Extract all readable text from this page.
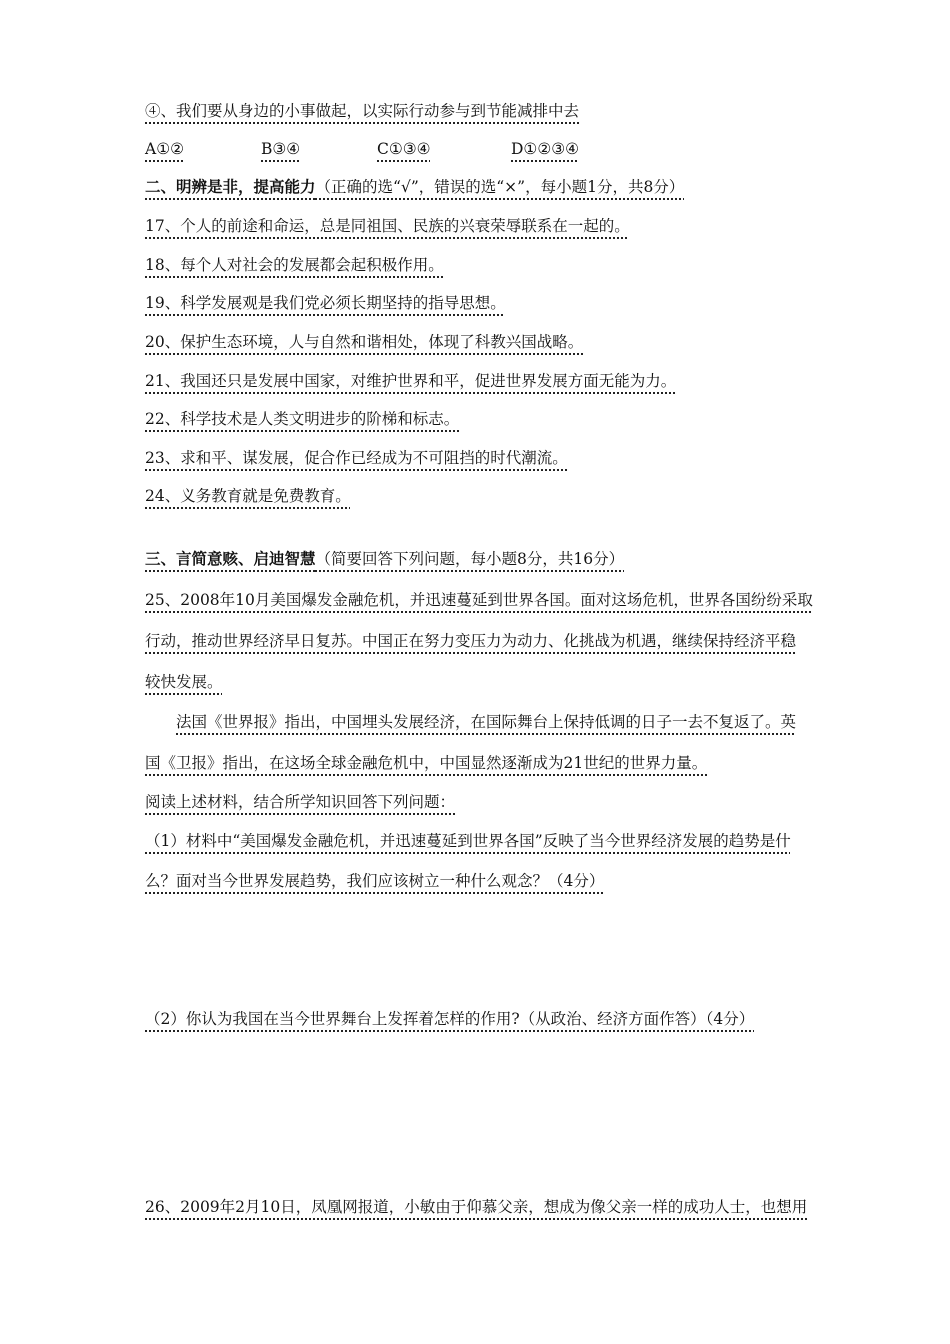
④、我们要从身边的小事做起，以实际行动参与到节能减排中去
A①②	B③④	C①③④	D①②③④
二、明辨是非，提高能力（正确的选“√”，错误的选“×”，每小题1分，共8分）
17、个人的前途和命运，总是同祖国、民族的兴衰荣辱联系在一起的。
18、每个人对社会的发展都会起积极作用。
19、科学发展观是我们党必须长期坚持的指导思想。
20、保护生态环境，人与自然和谐相处，体现了科教兴国战略。
21、我国还只是发展中国家，对维护世界和平，促进世界发展方面无能为力。
22、科学技术是人类文明进步的阶梯和标志。
23、求和平、谋发展，促合作已经成为不可阻挡的时代潮流。
24、义务教育就是免费教育。
三、言简意赅、启迪智慧（简要回答下列问题，每小题8分，共16分）
25、2008年10月美国爆发金融危机，并迅速蔓延到世界各国。面对这场危机，世界各国纷纷采取
行动，推动世界经济早日复苏。中国正在努力变压力为动力、化挑战为机遇，继续保持经济平稳
较快发展。
法国《世界报》指出，中国埋头发展经济，在国际舞台上保持低调的日子一去不复返了。英
国《卫报》指出，在这场全球金融危机中，中国显然逐渐成为21世纪的世界力量。
阅读上述材料，结合所学知识回答下列问题：
（1）材料中“美国爆发金融危机，并迅速蔓延到世界各国”反映了当今世界经济发展的趋势是什
么？面对当今世界发展趋势，我们应该树立一种什么观念？（4分）
（2）你认为我国在当今世界舞台上发挥着怎样的作用?（从政治、经济方面作答）（4分）
26、2009年2月10日，凤凰网报道，小敏由于仰慕父亲，想成为像父亲一样的成功人士，也想用
